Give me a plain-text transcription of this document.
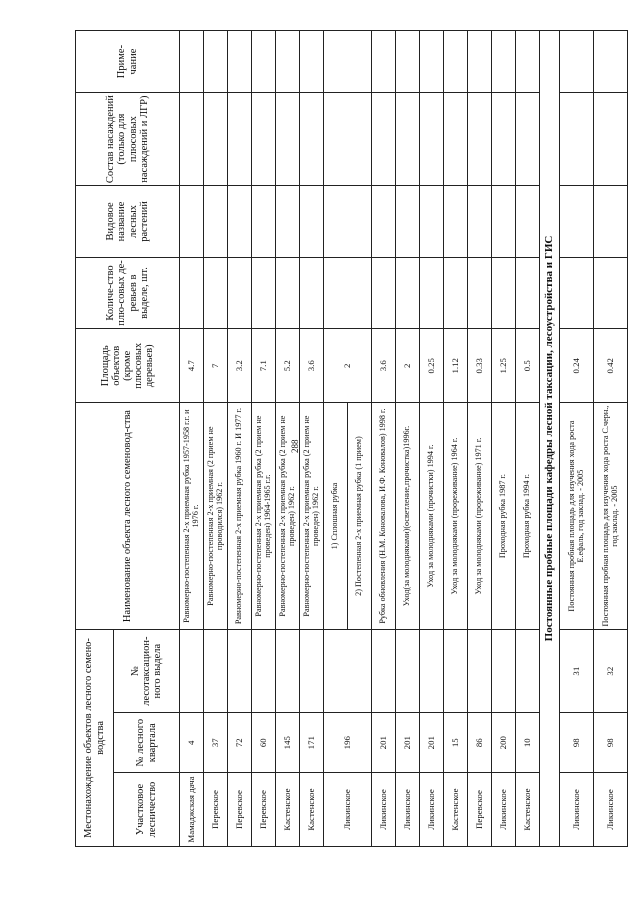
Местонахождение объектов лесного семено-водства			Наименование объекта лесного семеновод-ства	Площадь объектов (кроме плюсовых деревьев)	Количе-ство плю-совых де-ревьев в выделе, шт.	Видовое название лесных растений	Состав насаждений (только для плюсовых насаждений и ЛГР)	Приме-чание
Участковое лесничество	№ лесного квартала	№ лесотаксацион-ного выдела						
Мамаджская дача	4		Равномерно-постепенная 2-х приемная рубка 1957-1958 г.г. и 1976 г.	4.7				
Перевское	37		Равномерно-постепенная 2-х приемная (2 прием не проводился) 1962 г.	7				
Перевское	72		Равномерно-постепенная 2-х приемная рубка 1960 г. И 1977 г.	3.2				
Перевское	60		Равномерно-постепенная 2-х приемная рубка (2 прием не проведен) 1964-1965 г.г.	7.1				
Кастенское	145		Равномерно-постепенная 2-х приемная рубка (2 прием не проведен) 1962 г.	5.2				
Кастенское	171		Равномерно-постепенная 2-х приемная рубка (2 прием не проведен) 1962 г.	3.6				
Ликинское	196		1) Сплошная рубка	2				
			2) Постепенная 2-х приемная рубка (1 прием)					
Ликинское	201		Рубка обновления (Н.М. Коновалова, И.Ф. Коновалов) 1998 г.	3.6				
Ликинское	201		Уход(за молодняками)(осветление,прочистка)1996г.	2				
Ликинское	201		Уход за молодняками (прочистки) 1994 г.	0.25				
Кастенское	15		Уход за молодняками (прореживание) 1964 г.	1.12				
Перевское	86		Уход за молодняками (прореживание) 1971 г.	0.33				
Ликинское	200		Проходная рубка 1987 г.	1.25				
Кастенское	10		Проходная рубка 1994 г.	0.5				
Постоянные пробные площади кафедры лесной таксации, лесоустройства и ГИС								
Ликинское	98	31	Постоянная пробная площадь для изучения хода роста Е.ефаль, год заклад. - 2005	0.24				
Ликинское	98	32	Постоянная пробная площадь для изучения хода роста С.черн., год заклад. - 2005	0.42				
288
